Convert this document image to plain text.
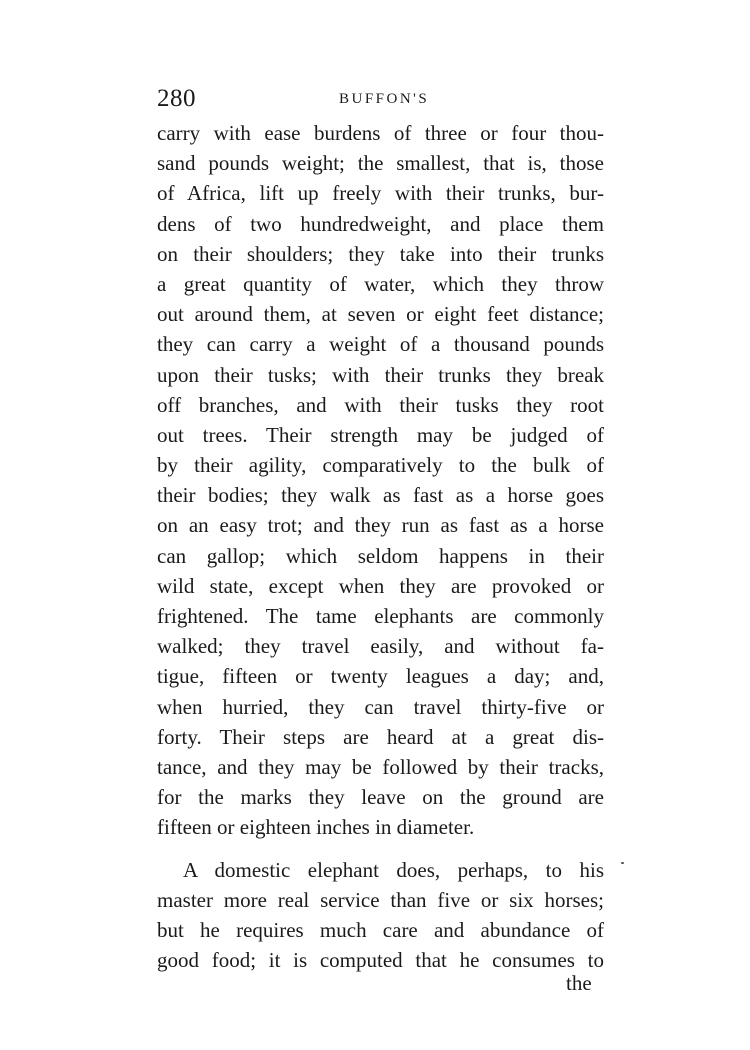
280	BUFFON'S
carry with ease burdens of three or four thou-
sand pounds weight; the smallest, that is, those
of Africa, lift up freely with their trunks, bur-
dens of two hundredweight, and place them
on their shoulders; they take into their trunks
a great quantity of water, which they throw
out around them, at seven or eight feet distance;
they can carry a weight of a thousand pounds
upon their tusks; with their trunks they break
off branches, and with their tusks they root
out trees. Their strength may be judged of
by their agility, comparatively to the bulk of
their bodies; they walk as fast as a horse goes
on an easy trot; and they run as fast as a horse
can gallop; which seldom happens in their
wild state, except when they are provoked or
frightened. The tame elephants are commonly
walked; they travel easily, and without fa-
tigue, fifteen or twenty leagues a day; and,
when hurried, they can travel thirty-five or
forty. Their steps are heard at a great dis-
tance, and they may be followed by their tracks,
for the marks they leave on the ground are
fifteen or eighteen inches in diameter.
A domestic elephant does, perhaps, to his
master more real service than five or six horses;
but he requires much care and abundance of
good food; it is computed that he consumes to
the
